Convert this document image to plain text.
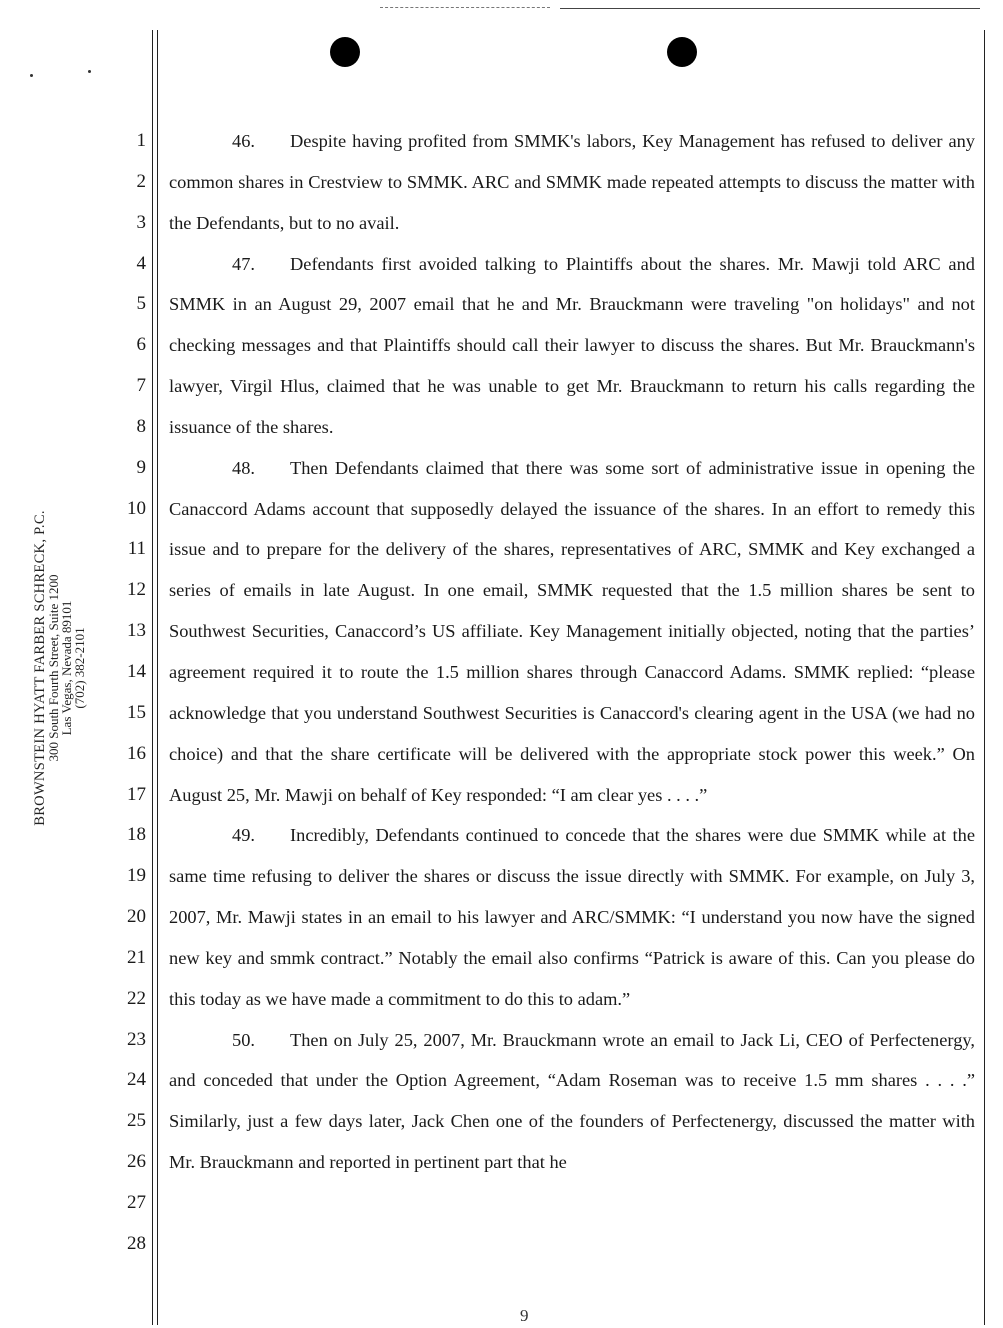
BROWNSTEIN HYATT FARBER SCHRECK, P.C.
300 South Fourth Street, Suite 1200
Las Vegas, Nevada 89101
(702) 382-2101
1
2
3
4
5
6
7
8
9
10
11
12
13
14
15
16
17
18
19
20
21
22
23
24
25
26
27
28

46. Despite having profited from SMMK's labors, Key Management has refused to deliver any common shares in Crestview to SMMK. ARC and SMMK made repeated attempts to discuss the matter with the Defendants, but to no avail.

47. Defendants first avoided talking to Plaintiffs about the shares. Mr. Mawji told ARC and SMMK in an August 29, 2007 email that he and Mr. Brauckmann were traveling "on holidays" and not checking messages and that Plaintiffs should call their lawyer to discuss the shares. But Mr. Brauckmann's lawyer, Virgil Hlus, claimed that he was unable to get Mr. Brauckmann to return his calls regarding the issuance of the shares.

48. Then Defendants claimed that there was some sort of administrative issue in opening the Canaccord Adams account that supposedly delayed the issuance of the shares. In an effort to remedy this issue and to prepare for the delivery of the shares, representatives of ARC, SMMK and Key exchanged a series of emails in late August. In one email, SMMK requested that the 1.5 million shares be sent to Southwest Securities, Canaccord’s US affiliate. Key Management initially objected, noting that the parties’ agreement required it to route the 1.5 million shares through Canaccord Adams. SMMK replied: “please acknowledge that you understand Southwest Securities is Canaccord's clearing agent in the USA (we had no choice) and that the share certificate will be delivered with the appropriate stock power this week.” On August 25, Mr. Mawji on behalf of Key responded: “I am clear yes . . . .”

49. Incredibly, Defendants continued to concede that the shares were due SMMK while at the same time refusing to deliver the shares or discuss the issue directly with SMMK. For example, on July 3, 2007, Mr. Mawji states in an email to his lawyer and ARC/SMMK: “I understand you now have the signed new key and smmk contract.” Notably the email also confirms “Patrick is aware of this. Can you please do this today as we have made a commitment to do this to adam.”

50. Then on July 25, 2007, Mr. Brauckmann wrote an email to Jack Li, CEO of Perfectenergy, and conceded that under the Option Agreement, “Adam Roseman was to receive 1.5 mm shares . . . .” Similarly, just a few days later, Jack Chen one of the founders of Perfectenergy, discussed the matter with Mr. Brauckmann and reported in pertinent part that he

9
